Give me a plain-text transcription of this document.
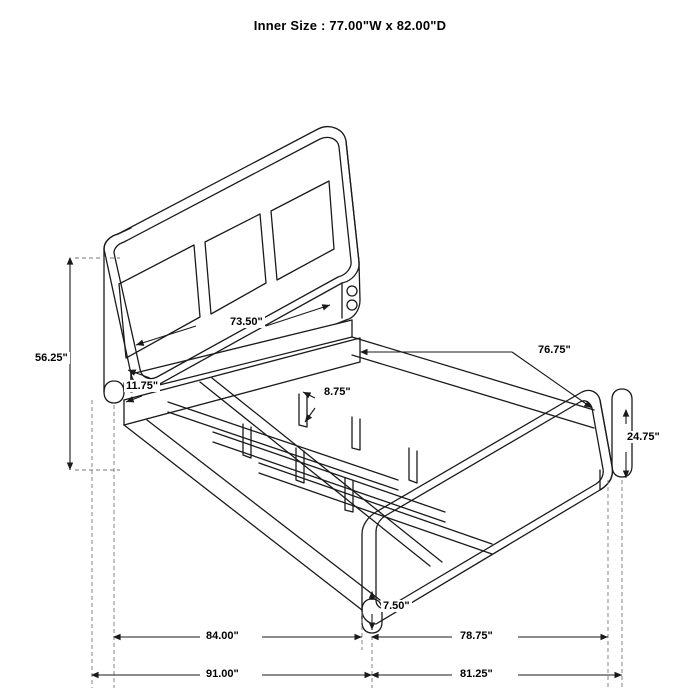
Inner Size : 77.00"W x 82.00"D
56.25"
73.50"
11.75"	8.75"
76.75"
24.75"
7.50"
84.00"	78.75"
91.00"	81.25"
